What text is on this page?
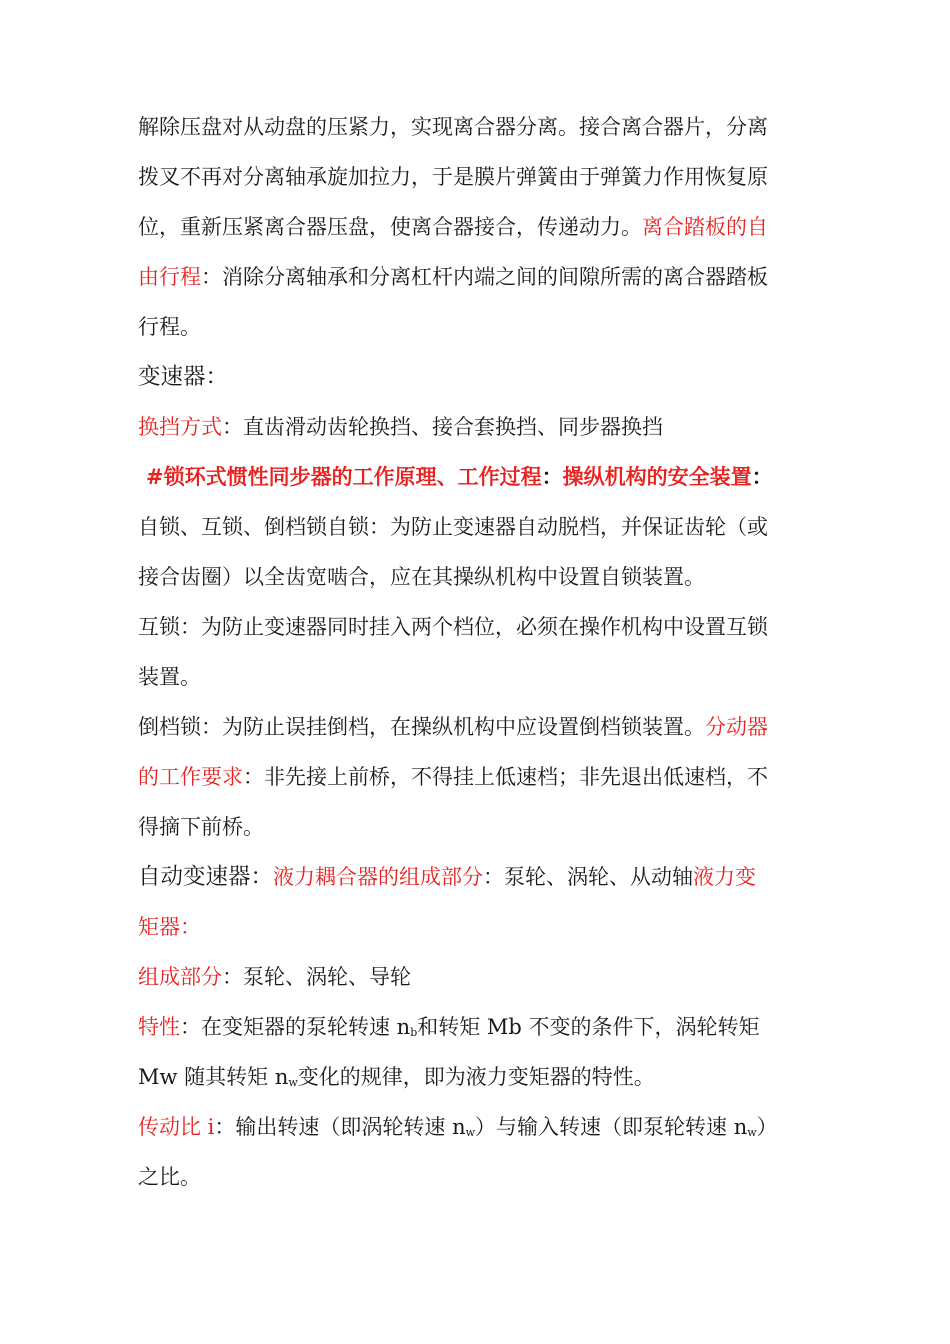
解除压盘对从动盘的压紧力，实现离合器分离。接合离合器片，分离
拨叉不再对分离轴承旋加拉力，于是膜片弹簧由于弹簧力作用恢复原
位，重新压紧离合器压盘，使离合器接合，传递动力。离合踏板的自
由行程：消除分离轴承和分离杠杆内端之间的间隙所需的离合器踏板
行程。
变速器：
换挡方式：直齿滑动齿轮换挡、接合套换挡、同步器换挡
#锁环式惯性同步器的工作原理、工作过程：操纵机构的安全装置：
自锁、互锁、倒档锁自锁：为防止变速器自动脱档，并保证齿轮（或
接合齿圈）以全齿宽啮合，应在其操纵机构中设置自锁装置。
互锁：为防止变速器同时挂入两个档位，必须在操作机构中设置互锁
装置。
倒档锁：为防止误挂倒档，在操纵机构中应设置倒档锁装置。分动器
的工作要求：非先接上前桥，不得挂上低速档；非先退出低速档，不
得摘下前桥。
自动变速器：液力耦合器的组成部分：泵轮、涡轮、从动轴液力变
矩器：
组成部分：泵轮、涡轮、导轮
特性：在变矩器的泵轮转速 $n_b$和转矩 Mb 不变的条件下，涡轮转矩
Mw 随其转矩 $n_w$变化的规律，即为液力变矩器的特性。
传动比 i：输出转速（即涡轮转速 $n_w$）与输入转速（即泵轮转速 $n_w$）
之比。
